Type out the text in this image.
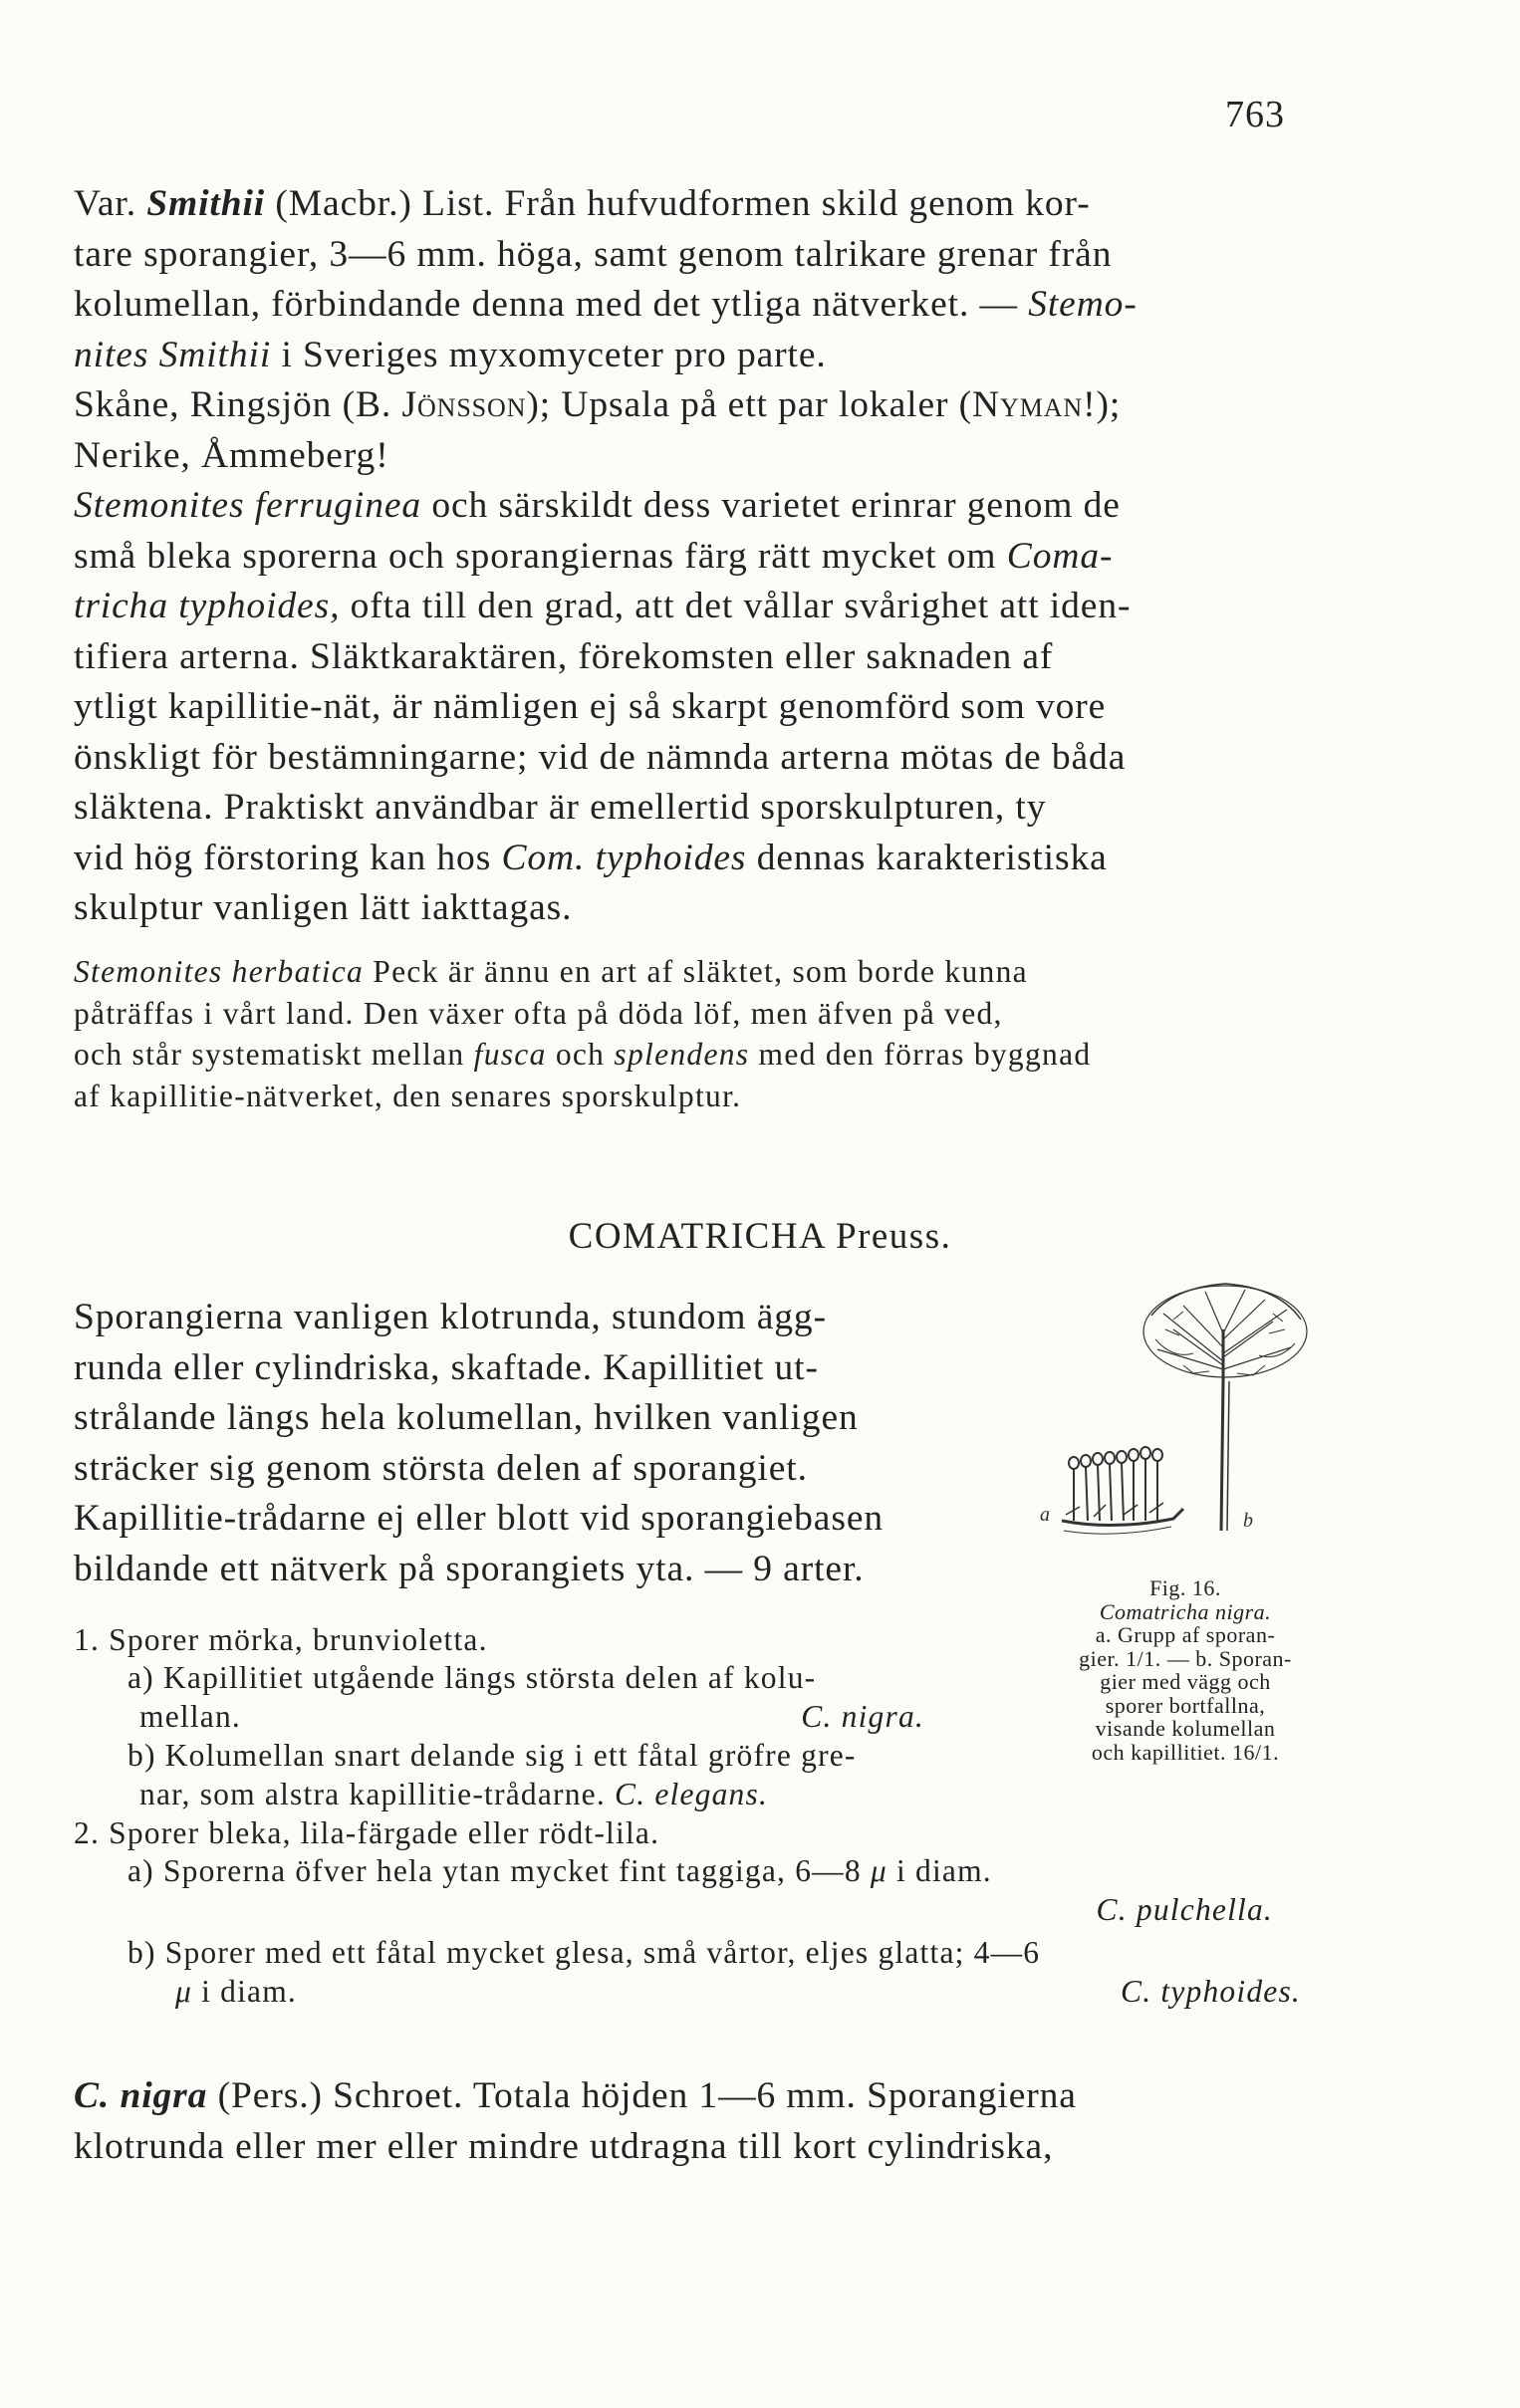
763
Var. Smithii (Macbr.) List. Från hufvudformen skild genom kor-
tare sporangier, 3—6 mm. höga, samt genom talrikare grenar från
kolumellan, förbindande denna med det ytliga nätverket. — Stemo-
nites Smithii i Sveriges myxomyceter pro parte.
Skåne, Ringsjön (B. Jönsson); Upsala på ett par lokaler (Nyman!);
Nerike, Åmmeberg!
Stemonites ferruginea och särskildt dess varietet erinrar genom de
små bleka sporerna och sporangiernas färg rätt mycket om Coma-
tricha typhoides, ofta till den grad, att det vållar svårighet att iden-
tifiera arterna. Släktkaraktären, förekomsten eller saknaden af
ytligt kapillitie-nät, är nämligen ej så skarpt genomförd som vore
önskligt för bestämningarne; vid de nämnda arterna mötas de båda
släktena. Praktiskt användbar är emellertid sporskulpturen, ty
vid hög förstoring kan hos Com. typhoides dennas karakteristiska
skulptur vanligen lätt iakttagas.
Stemonites herbatica Peck är ännu en art af släktet, som borde kunna
påträffas i vårt land. Den växer ofta på döda löf, men äfven på ved,
och står systematiskt mellan fusca och splendens med den förras byggnad
af kapillitie-nätverket, den senares sporskulptur.
COMATRICHA Preuss.
Sporangierna vanligen klotrunda, stundom ägg-
runda eller cylindriska, skaftade. Kapillitiet ut-
strålande längs hela kolumellan, hvilken vanligen
sträcker sig genom största delen af sporangiet.
Kapillitie-trådarne ej eller blott vid sporangiebasen
bildande ett nätverk på sporangiets yta. — 9 arter.
a	b
Fig. 16.
Comatricha nigra.
a. Grupp af sporan-
gier. 1/1. — b. Sporan-
gier med vägg och
sporer bortfallna,
visande kolumellan
och kapillitiet. 16/1.
1. Sporer mörka, brunvioletta.
a) Kapillitiet utgående längs största delen af kolu-
mellan.	C. nigra.
b) Kolumellan snart delande sig i ett fåtal gröfre gre-
nar, som alstra kapillitie-trådarne. C. elegans.
2. Sporer bleka, lila-färgade eller rödt-lila.
a) Sporerna öfver hela ytan mycket fint taggiga, 6—8 μ i diam.
C. pulchella.
b) Sporer med ett fåtal mycket glesa, små vårtor, eljes glatta; 4—6
μ i diam.	C. typhoides.
C. nigra (Pers.) Schroet. Totala höjden 1—6 mm. Sporangierna
klotrunda eller mer eller mindre utdragna till kort cylindriska,
